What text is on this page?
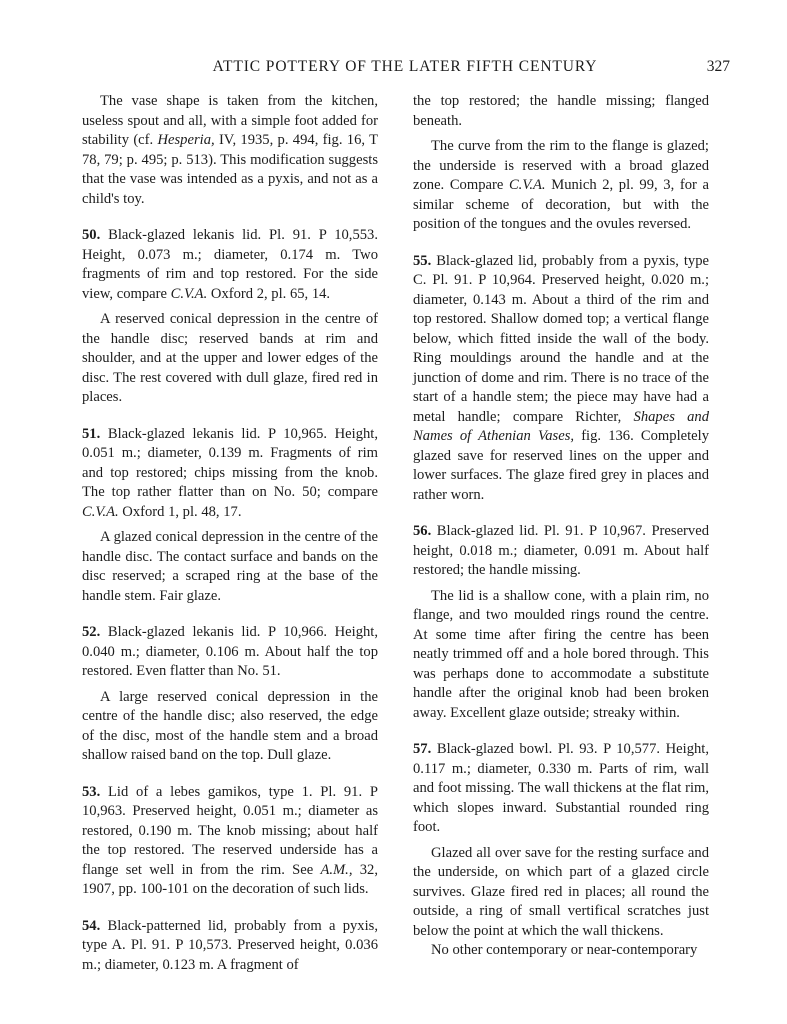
ATTIC POTTERY OF THE LATER FIFTH CENTURY	327

The vase shape is taken from the kitchen, useless spout and all, with a simple foot added for stability (cf. Hesperia, IV, 1935, p. 494, fig. 16, T 78, 79; p. 495; p. 513). This modification suggests that the vase was intended as a pyxis, and not as a child's toy.

50. Black-glazed lekanis lid. Pl. 91. P 10,553. Height, 0.073 m.; diameter, 0.174 m. Two fragments of rim and top restored. For the side view, compare C.V.A. Oxford 2, pl. 65, 14.

A reserved conical depression in the centre of the handle disc; reserved bands at rim and shoulder, and at the upper and lower edges of the disc. The rest covered with dull glaze, fired red in places.

51. Black-glazed lekanis lid. P 10,965. Height, 0.051 m.; diameter, 0.139 m. Fragments of rim and top restored; chips missing from the knob. The top rather flatter than on No. 50; compare C.V.A. Oxford 1, pl. 48, 17.

A glazed conical depression in the centre of the handle disc. The contact surface and bands on the disc reserved; a scraped ring at the base of the handle stem. Fair glaze.

52. Black-glazed lekanis lid. P 10,966. Height, 0.040 m.; diameter, 0.106 m. About half the top restored. Even flatter than No. 51.

A large reserved conical depression in the centre of the handle disc; also reserved, the edge of the disc, most of the handle stem and a broad shallow raised band on the top. Dull glaze.

53. Lid of a lebes gamikos, type 1. Pl. 91. P 10,963. Preserved height, 0.051 m.; diameter as restored, 0.190 m. The knob missing; about half the top restored. The reserved underside has a flange set well in from the rim. See A.M., 32, 1907, pp. 100-101 on the decoration of such lids.

54. Black-patterned lid, probably from a pyxis, type A. Pl. 91. P 10,573. Preserved height, 0.036 m.; diameter, 0.123 m. A fragment of

the top restored; the handle missing; flanged beneath.

The curve from the rim to the flange is glazed; the underside is reserved with a broad glazed zone. Compare C.V.A. Munich 2, pl. 99, 3, for a similar scheme of decoration, but with the position of the tongues and the ovules reversed.

55. Black-glazed lid, probably from a pyxis, type C. Pl. 91. P 10,964. Preserved height, 0.020 m.; diameter, 0.143 m. About a third of the rim and top restored. Shallow domed top; a vertical flange below, which fitted inside the wall of the body. Ring mouldings around the handle and at the junction of dome and rim. There is no trace of the start of a handle stem; the piece may have had a metal handle; compare Richter, Shapes and Names of Athenian Vases, fig. 136. Completely glazed save for reserved lines on the upper and lower surfaces. The glaze fired grey in places and rather worn.

56. Black-glazed lid. Pl. 91. P 10,967. Preserved height, 0.018 m.; diameter, 0.091 m. About half restored; the handle missing.

The lid is a shallow cone, with a plain rim, no flange, and two moulded rings round the centre. At some time after firing the centre has been neatly trimmed off and a hole bored through. This was perhaps done to accommodate a substitute handle after the original knob had been broken away. Excellent glaze outside; streaky within.

57. Black-glazed bowl. Pl. 93. P 10,577. Height, 0.117 m.; diameter, 0.330 m. Parts of rim, wall and foot missing. The wall thickens at the flat rim, which slopes inward. Substantial rounded ring foot.

Glazed all over save for the resting surface and the underside, on which part of a glazed circle survives. Glaze fired red in places; all round the outside, a ring of small vertifical scratches just below the point at which the wall thickens.

No other contemporary or near-contemporary
